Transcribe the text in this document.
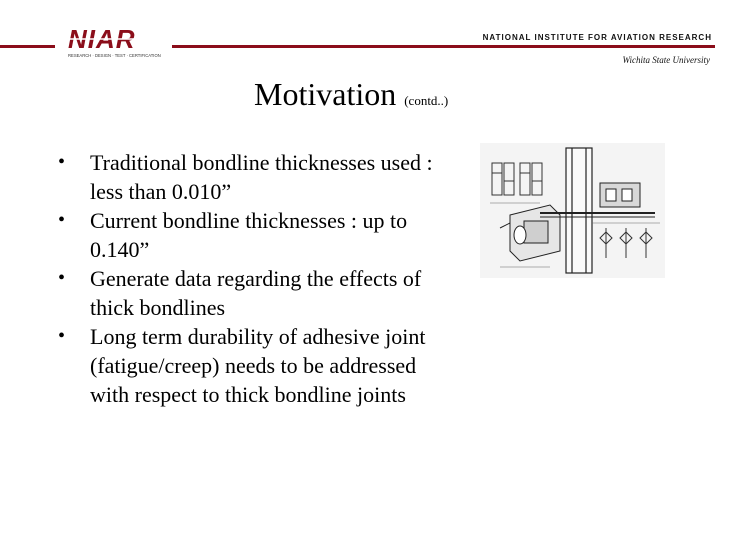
NIAR
RESEARCH · DESIGN · TEST · CERTIFICATION
NATIONAL INSTITUTE FOR AVIATION RESEARCH
Wichita State University
Motivation (contd..)
• Traditional bondline thicknesses used : less than 0.010”
• Current bondline thicknesses : up to 0.140”
• Generate data regarding the effects of thick bondlines
• Long term durability of adhesive joint (fatigue/creep) needs to be addressed with respect to thick bondline joints
